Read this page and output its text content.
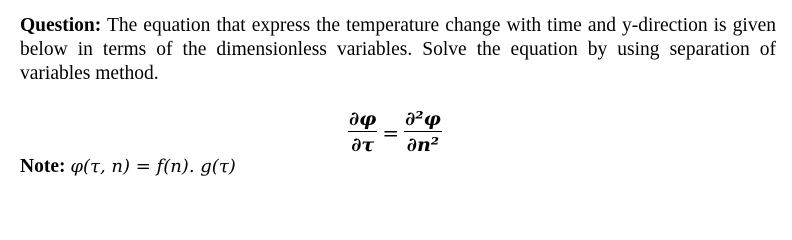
Question: The equation that express the temperature change with time and y-direction is given below in terms of the dimensionless variables. Solve the equation by using separation of variables method.
$\frac{\partial\varphi}{\partial\tau} = \frac{\text{∂²φ}}{\text{∂n²}}$
Note: φ(τ, n) = f(n). g(τ)
